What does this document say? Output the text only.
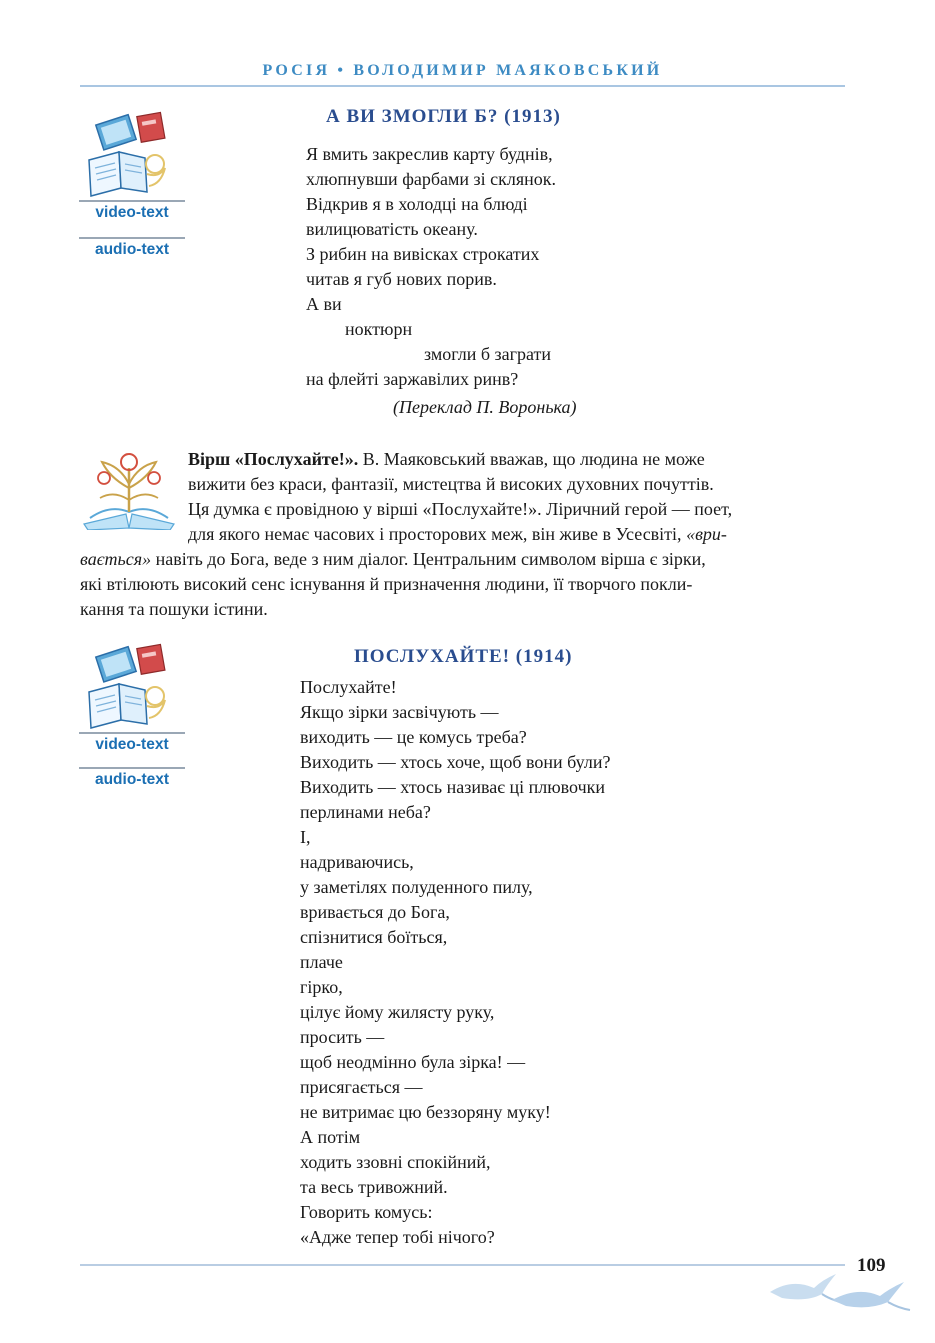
РОСІЯ • ВОЛОДИМИР МАЯКОВСЬКИЙ
А ВИ ЗМОГЛИ Б? (1913)
video-text
audio-text
Я вмить закреслив карту буднів,
хлюпнувши фарбами зі склянок.
Відкрив я в холодці на блюді
вилицюватість океану.
З рибин на вивісках строкатих
читав я губ нових порив.
А ви
ноктюрн
змогли б заграти
на флейті заржавілих ринв?
(Переклад П. Воронька)
Вірш «Послухайте!». В. Маяковський вважав, що людина не може
вижити без краси, фантазії, мистецтва й високих духовних почуттів.
Ця думка є провідною у вірші «Послухайте!». Ліричний герой — поет,
для якого немає часових і просторових меж, він живе в Усесвіті, «ври-
вається» навіть до Бога, веде з ним діалог. Центральним символом вірша є зірки,
які втілюють високий сенс існування й призначення людини, її творчого покли-
кання та пошуки істини.
ПОСЛУХАЙТЕ! (1914)
video-text
audio-text
Послухайте!
Якщо зірки засвічують —
виходить — це комусь треба?
Виходить — хтось хоче, щоб вони були?
Виходить — хтось називає ці плювочки
перлинами неба?
І,
надриваючись,
у заметілях полуденного пилу,
вривається до Бога,
спізнитися боїться,
плаче
гірко,
цілує йому жилясту руку,
просить —
щоб неодмінно була зірка! —
присягається —
не витримає цю беззоряну муку!
А потім
ходить ззовні спокійний,
та весь тривожний.
Говорить комусь:
«Адже тепер тобі нічого?
109
